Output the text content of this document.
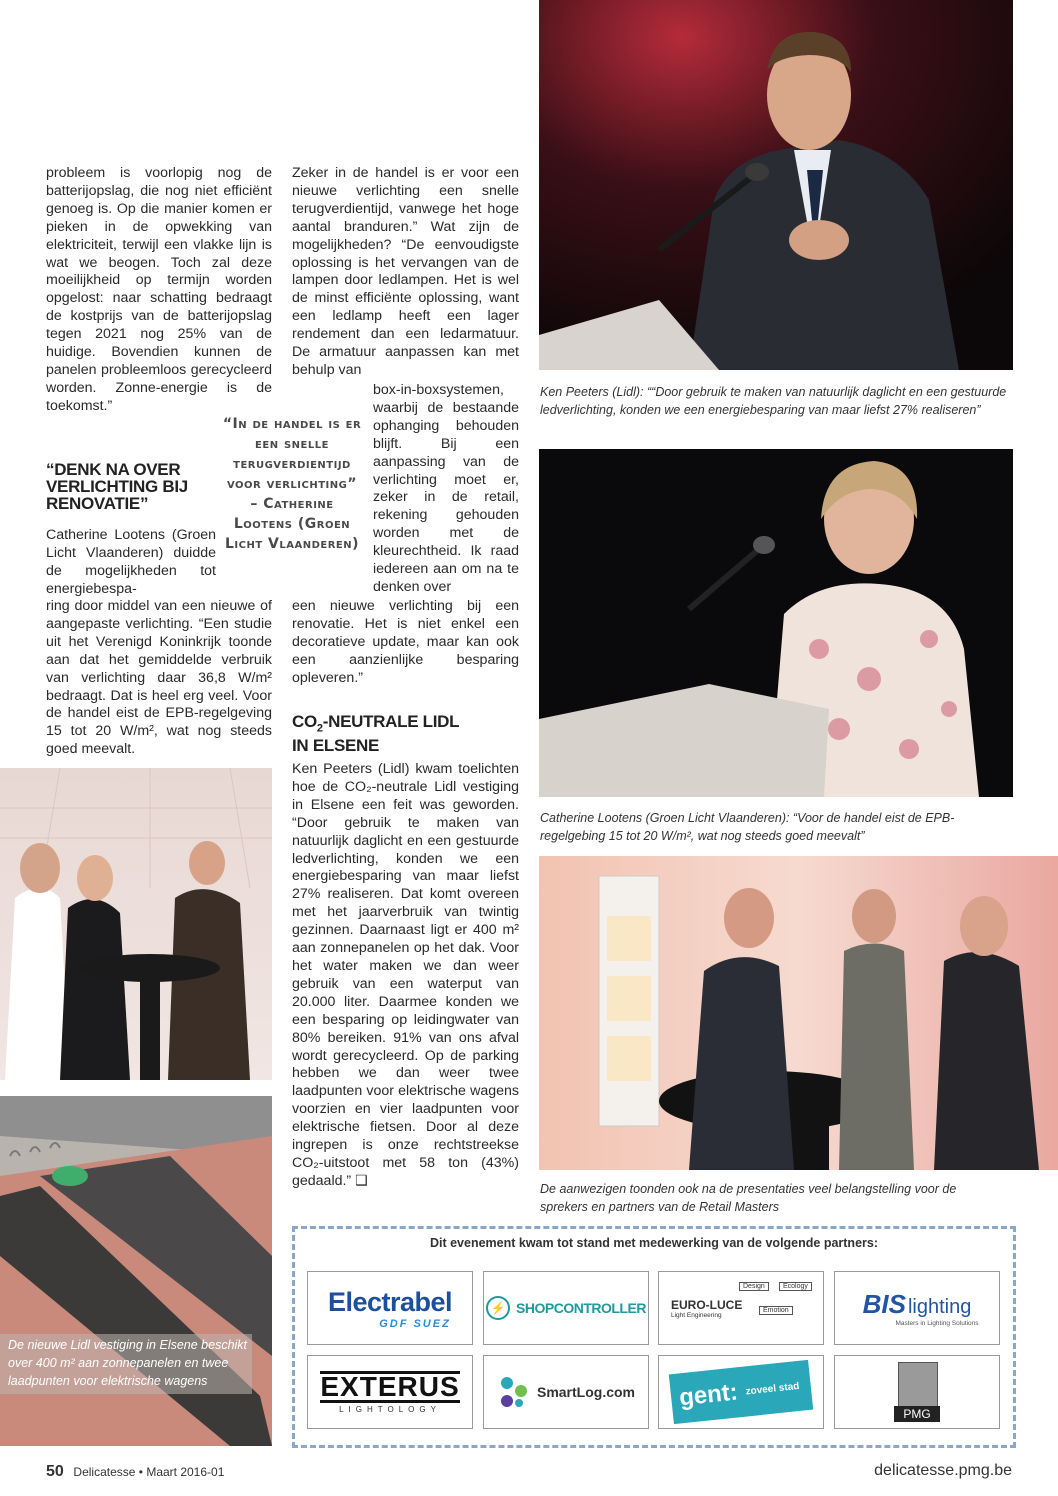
probleem is voorlopig nog de batterijopslag, die nog niet efficiënt genoeg is. Op die manier komen er pieken in de opwekking van elektriciteit, terwijl een vlakke lijn is wat we beogen. Toch zal deze moeilijkheid op termijn worden opgelost: naar schatting bedraagt de kostprijs van de batterijopslag tegen 2021 nog 25% van de huidige. Bovendien kunnen de panelen probleemloos gerecycleerd worden. Zonne-energie is de toekomst.”

“DENK NA OVER VERLICHTING BIJ RENOVATIE”

Catherine Lootens (Groen Licht Vlaanderen) duidde de mogelijkheden tot energiebespa-

ring door middel van een nieuwe of aangepaste verlichting. “Een studie uit het Verenigd Koninkrijk toonde aan dat het gemiddelde verbruik van verlichting daar 36,8 W/m² bedraagt. Dat is heel erg veel. Voor de handel eist de EPB-regelgeving 15 tot 20 W/m², wat nog steeds goed meevalt.

“In de handel is er een snelle terugverdientijd voor verlichting” – Catherine Lootens (Groen Licht Vlaanderen)

Zeker in de handel is er voor een nieuwe verlichting een snelle terugverdientijd, vanwege het hoge aantal branduren.” Wat zijn de mogelijkheden? “De eenvoudigste oplossing is het vervangen van de lampen door ledlampen. Het is wel de minst efficiënte oplossing, want een ledlamp heeft een lager rendement dan een ledarmatuur. De armatuur aanpassen kan met behulp van

box-in-boxsystemen, waarbij de bestaande ophanging behouden blijft. Bij een aanpassing van de verlichting moet er, zeker in de retail, rekening gehouden worden met de kleurechtheid. Ik raad iedereen aan om na te denken over

een nieuwe verlichting bij een renovatie. Het is niet enkel een decoratieve update, maar kan ook een aanzienlijke besparing opleveren.”

$CO_2$-NEUTRALE LIDL IN ELSENE

Ken Peeters (Lidl) kwam toelichten hoe de CO₂-neutrale Lidl vestiging in Elsene een feit was geworden. “Door gebruik te maken van natuurlijk daglicht en een gestuurde ledverlichting, konden we een energiebesparing van maar liefst 27% realiseren. Dat komt overeen met het jaarverbruik van twintig gezinnen. Daarnaast ligt er 400 m² aan zonnepanelen op het dak. Voor het water maken we dan weer gebruik van een waterput van 20.000 liter. Daarmee konden we een besparing op leidingwater van 80% bereiken. 91% van ons afval wordt gerecycleerd. Op de parking hebben we dan weer twee laadpunten voor elektrische wagens voorzien en vier laadpunten voor elektrische fietsen. Door al deze ingrepen is onze rechtstreekse CO₂-uitstoot met 58 ton (43%) gedaald.” ❑

Ken Peeters (Lidl): ““Door gebruik te maken van natuurlijk daglicht en een gestuurde ledverlichting, konden we een energiebesparing van maar liefst 27% realiseren”
Catherine Lootens (Groen Licht Vlaanderen): “Voor de handel eist de EPB-regelgebing 15 tot 20 W/m², wat nog steeds goed meevalt”
De aanwezigen toonden ook na de presentaties veel belangstelling voor de sprekers en partners van de Retail Masters
De nieuwe Lidl vestiging in Elsene beschikt over 400 m² aan zonnepanelen en twee laadpunten voor elektrische wagens
Dit evenement kwam tot stand met medewerking van de volgende partners:
Electrabel
GDF SUEZ
⚡ SHOPCONTROLLER EURO-LUCE
Light Engineering
Design	Ecology
Emotion	BIS lighting
Masters in Lighting Solutions
EXTERUS
LIGHTOLOGY
SmartLog.com gent: zoveel stad
PMG
50 Delicatesse • Maart 2016-01	delicatesse.pmg.be
